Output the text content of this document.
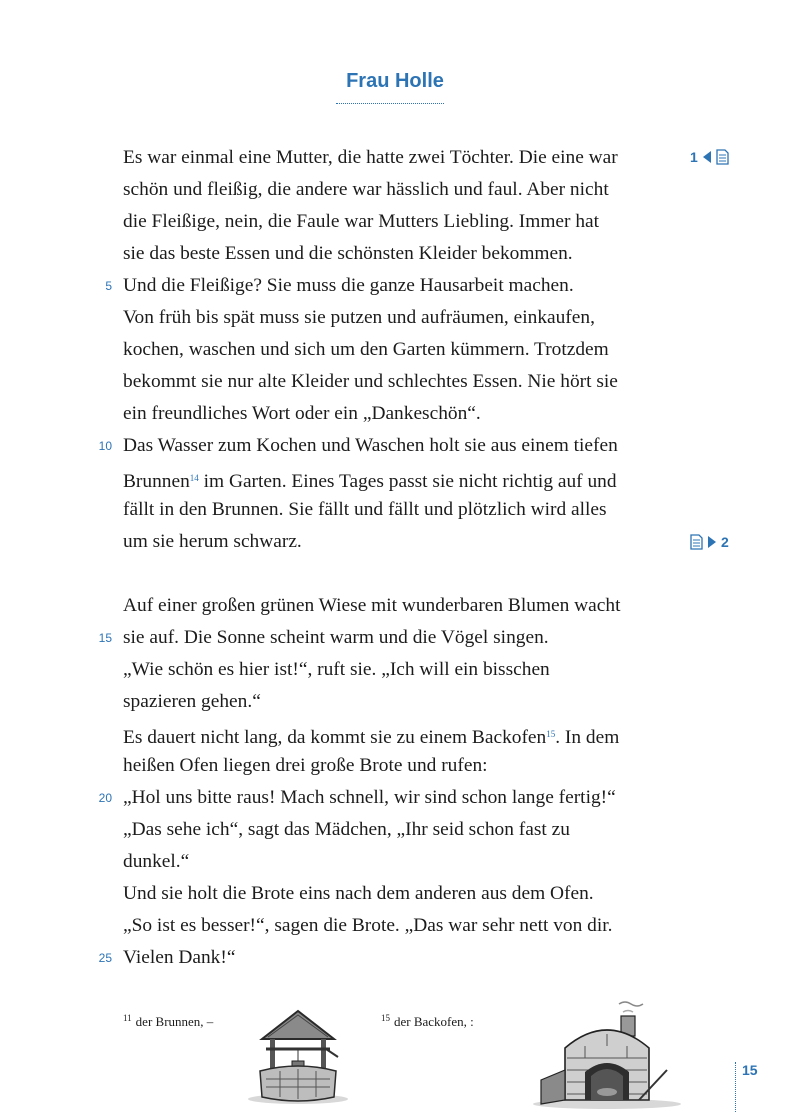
Frau Holle
Es war einmal eine Mutter, die hatte zwei Töchter. Die eine war
schön und fleißig, die andere war hässlich und faul. Aber nicht
die Fleißige, nein, die Faule war Mutters Liebling. Immer hat
sie das beste Essen und die schönsten Kleider bekommen.
Und die Fleißige? Sie muss die ganze Hausarbeit machen.
5
Von früh bis spät muss sie putzen und aufräumen, einkaufen,
kochen, waschen und sich um den Garten kümmern. Trotzdem
bekommt sie nur alte Kleider und schlechtes Essen. Nie hört sie
ein freundliches Wort oder ein „Dankeschön“.
Das Wasser zum Kochen und Waschen holt sie aus einem tiefen
10
Brunnen$^{14}$ im Garten. Eines Tages passt sie nicht richtig auf und
fällt in den Brunnen. Sie fällt und fällt und plötzlich wird alles
um sie herum schwarz.
Auf einer großen grünen Wiese mit wunderbaren Blumen wacht
sie auf. Die Sonne scheint warm und die Vögel singen.
15
„Wie schön es hier ist!“, ruft sie. „Ich will ein bisschen
spazieren gehen.“
Es dauert nicht lang, da kommt sie zu einem Backofen$^{15}$. In dem
heißen Ofen liegen drei große Brote und rufen:
„Hol uns bitte raus! Mach schnell, wir sind schon lange fertig!“
20
„Das sehe ich“, sagt das Mädchen, „Ihr seid schon fast zu
dunkel.“
Und sie holt die Brote eins nach dem anderen aus dem Ofen.
„So ist es besser!“, sagen die Brote. „Das war sehr nett von dir.
Vielen Dank!“
25
1
2
$^{11}$ der Brunnen, –	$^{15}$ der Backofen, :
15
